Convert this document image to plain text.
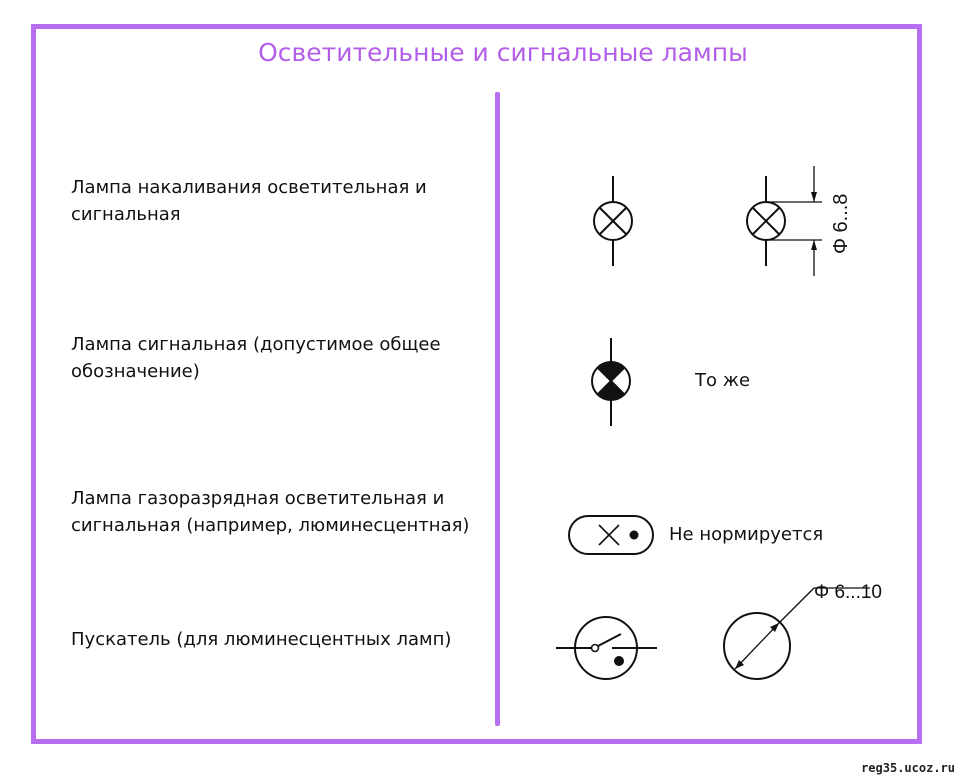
Осветительные и сигнальные лампы
Лампа накаливания осветительная и
сигнальная
Лампа сигнальная (допустимое общее
обозначение)
Лампа газоразрядная осветительная и
сигнальная (например, люминесцентная)
Пускатель (для люминесцентных ламп)
То же
Не нормируется
Φ 6...8
Φ 6...10
reg35.ucoz.ru
